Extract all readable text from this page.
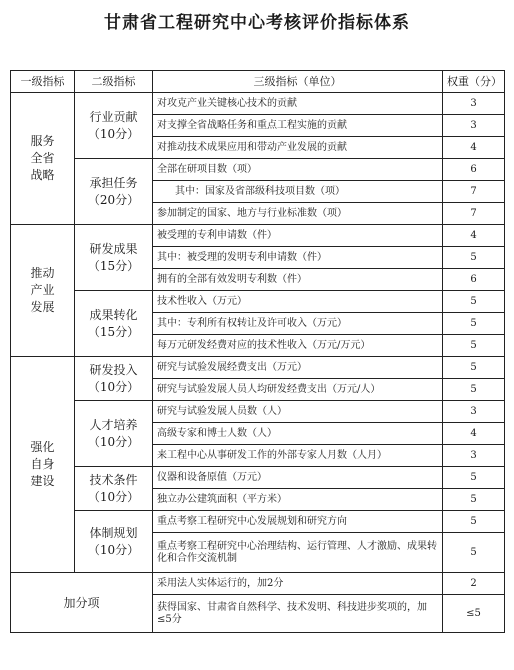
甘肃省工程研究中心考核评价指标体系
一级指标	二级指标	三级指标（单位）	权重（分）

服务
全省
战略	行业贡献
（10分）	对攻克产业关键核心技术的贡献	3
		对支撑全省战略任务和重点工程实施的贡献	3
		对推动技术成果应用和带动产业发展的贡献	4

	承担任务
（20分）	全部在研项目数（项）	6
		其中：国家及省部级科技项目数（项）	7
		参加制定的国家、地方与行业标准数（项）	7

推动
产业
发展	研发成果
（15分）	被受理的专利申请数（件）	4
		其中：被受理的发明专利申请数（件）	5
		拥有的全部有效发明专利数（件）	6

	成果转化
（15分）	技术性收入（万元）	5
		其中：专利所有权转让及许可收入（万元）	5
		每万元研发经费对应的技术性收入（万元/万元）	5

强化
自身
建设	研发投入
（10分）	研究与试验发展经费支出（万元）	5
		研究与试验发展人员人均研发经费支出（万元/人）	5

	人才培养
（10分）	研究与试验发展人员数（人）	3
		高级专家和博士人数（人）	4
		来工程中心从事研发工作的外部专家人月数（人月）	3

	技术条件
（10分）	仪器和设备原值（万元）	5
		独立办公建筑面积（平方米）	5

	体制规划
（10分）	重点考察工程研究中心发展规划和研究方向	5
		重点考察工程研究中心治理结构、运行管理、人才激励、成果转化和合作交流机制	5
加分项		采用法人实体运行的，加2分	2
		获得国家、甘肃省自然科学、技术发明、科技进步奖项的，加≤5分	≤5
